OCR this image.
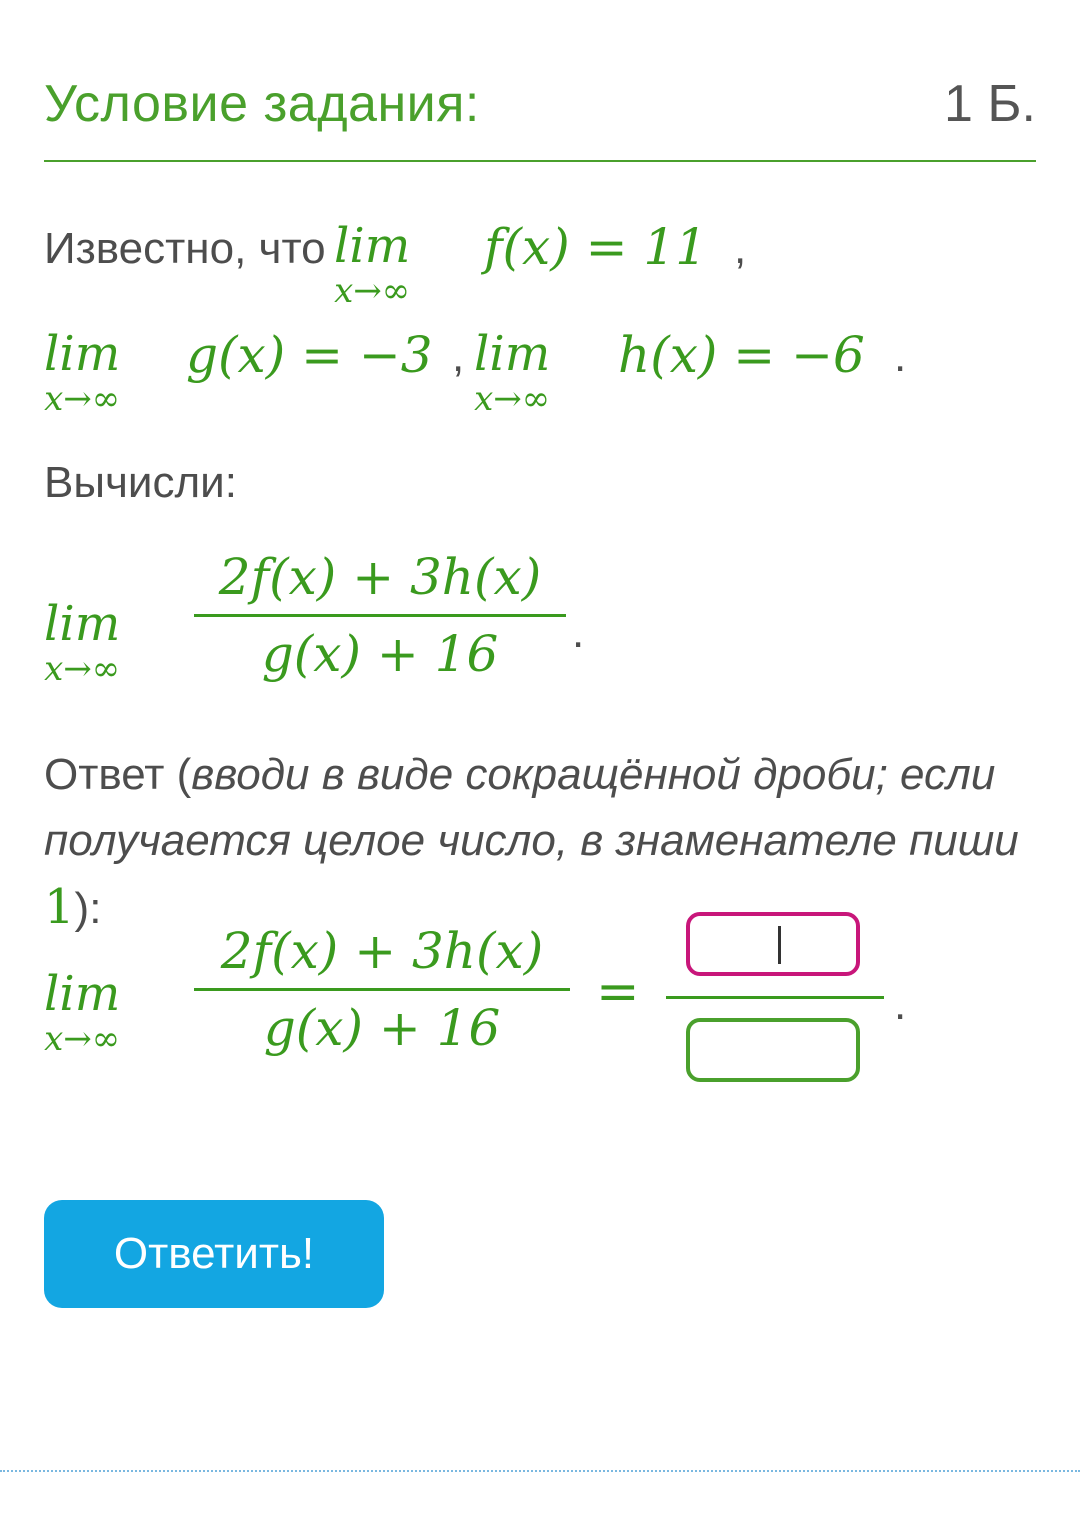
Условие задания:	1 Б.
Известно, что lim
x→∞
f(x) = 11 ,
lim
x→∞
g(x) = −3 , lim
x→∞
h(x) = −6 .
Вычисли:
lim
x→∞
2f(x) + 3h(x)
g(x) + 16	.
Ответ (вводи в виде сокращённой дроби; если
получается целое число, в знаменателе пиши 1):
lim
x→∞
2f(x) + 3h(x)
g(x) + 16
=	.
Ответить!
